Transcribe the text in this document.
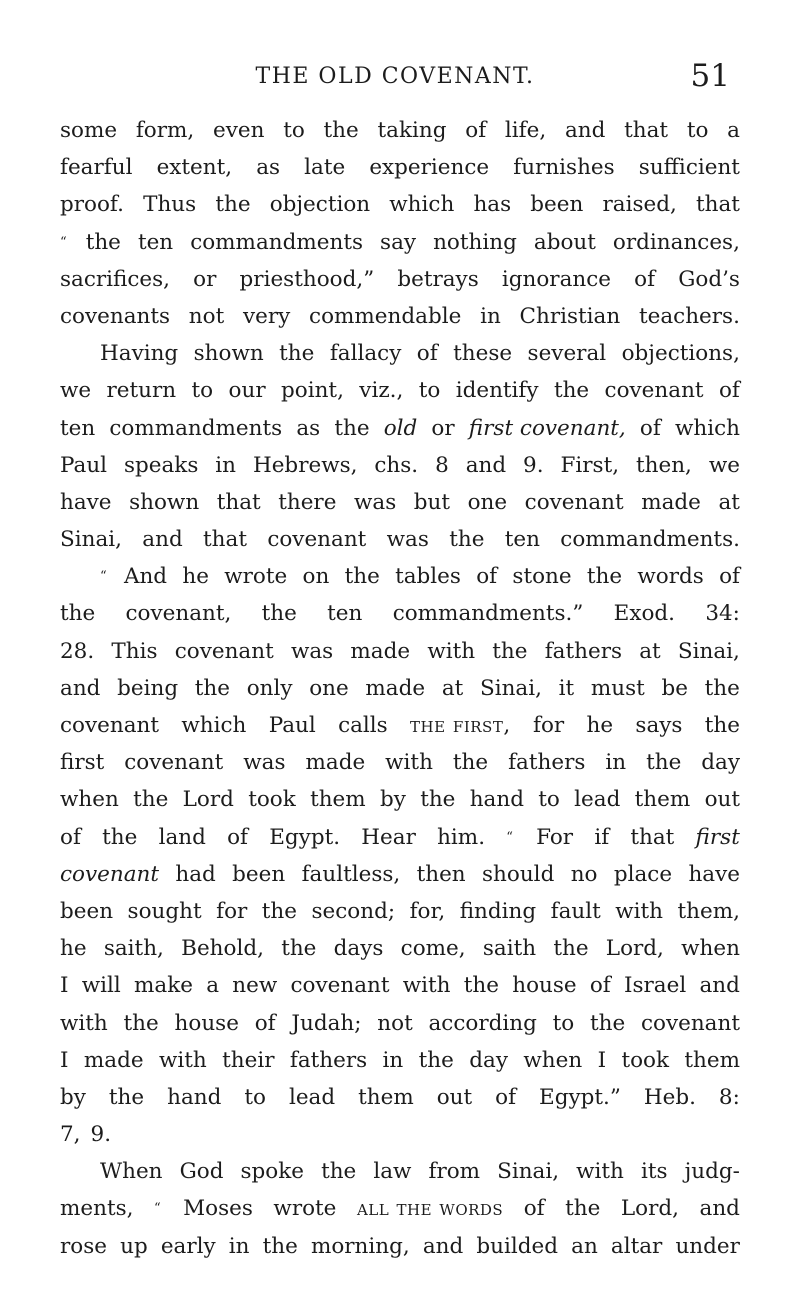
THE OLD COVENANT.	51
some form, even to the taking of life, and that to a
fearful extent, as late experience furnishes sufficient
proof. Thus the objection which has been raised, that
“ the ten commandments say nothing about ordinances,
sacrifices, or priesthood,” betrays ignorance of God’s
covenants not very commendable in Christian teachers.
Having shown the fallacy of these several objections,
we return to our point, viz., to identify the covenant of
ten commandments as the old or first covenant, of which
Paul speaks in Hebrews, chs. 8 and 9. First, then, we
have shown that there was but one covenant made at
Sinai, and that covenant was the ten commandments.
“ And he wrote on the tables of stone the words of
the covenant, the ten commandments.” Exod. 34:
28. This covenant was made with the fathers at Sinai,
and being the only one made at Sinai, it must be the
covenant which Paul calls the first, for he says the
first covenant was made with the fathers in the day
when the Lord took them by the hand to lead them out
of the land of Egypt. Hear him. “ For if that first
covenant had been faultless, then should no place have
been sought for the second; for, finding fault with them,
he saith, Behold, the days come, saith the Lord, when
I will make a new covenant with the house of Israel and
with the house of Judah; not according to the covenant
I made with their fathers in the day when I took them
by the hand to lead them out of Egypt.” Heb. 8:
7, 9.
When God spoke the law from Sinai, with its judg-
ments, “ Moses wrote all the words of the Lord, and
rose up early in the morning, and builded an altar under
